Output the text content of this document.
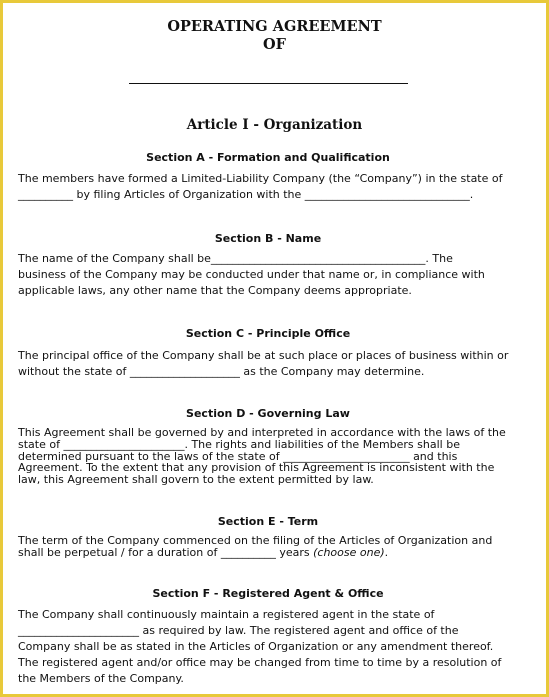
OPERATING AGREEMENT
OF
Article I - Organization
Section A - Formation and Qualification
The members have formed a Limited-Liability Company (the “Company”) in the state of
__________ by filing Articles of Organization with the ______________________________.
Section B - Name
The name of the Company shall be_______________________________________. The
business of the Company may be conducted under that name or, in compliance with
applicable laws, any other name that the Company deems appropriate.
Section C - Principle Office
The principal office of the Company shall be at such place or places of business within or
without the state of ____________________ as the Company may determine.
Section D - Governing Law
This Agreement shall be governed by and interpreted in accordance with the laws of the
state of ______________________. The rights and liabilities of the Members shall be
determined pursuant to the laws of the state of _______________________ and this
Agreement. To the extent that any provision of this Agreement is inconsistent with the
law, this Agreement shall govern to the extent permitted by law.
Section E - Term
The term of the Company commenced on the filing of the Articles of Organization and
shall be perpetual / for a duration of __________ years (choose one).
Section F - Registered Agent & Office
The Company shall continuously maintain a registered agent in the state of
______________________ as required by law. The registered agent and office of the
Company shall be as stated in the Articles of Organization or any amendment thereof.
The registered agent and/or office may be changed from time to time by a resolution of
the Members of the Company.
